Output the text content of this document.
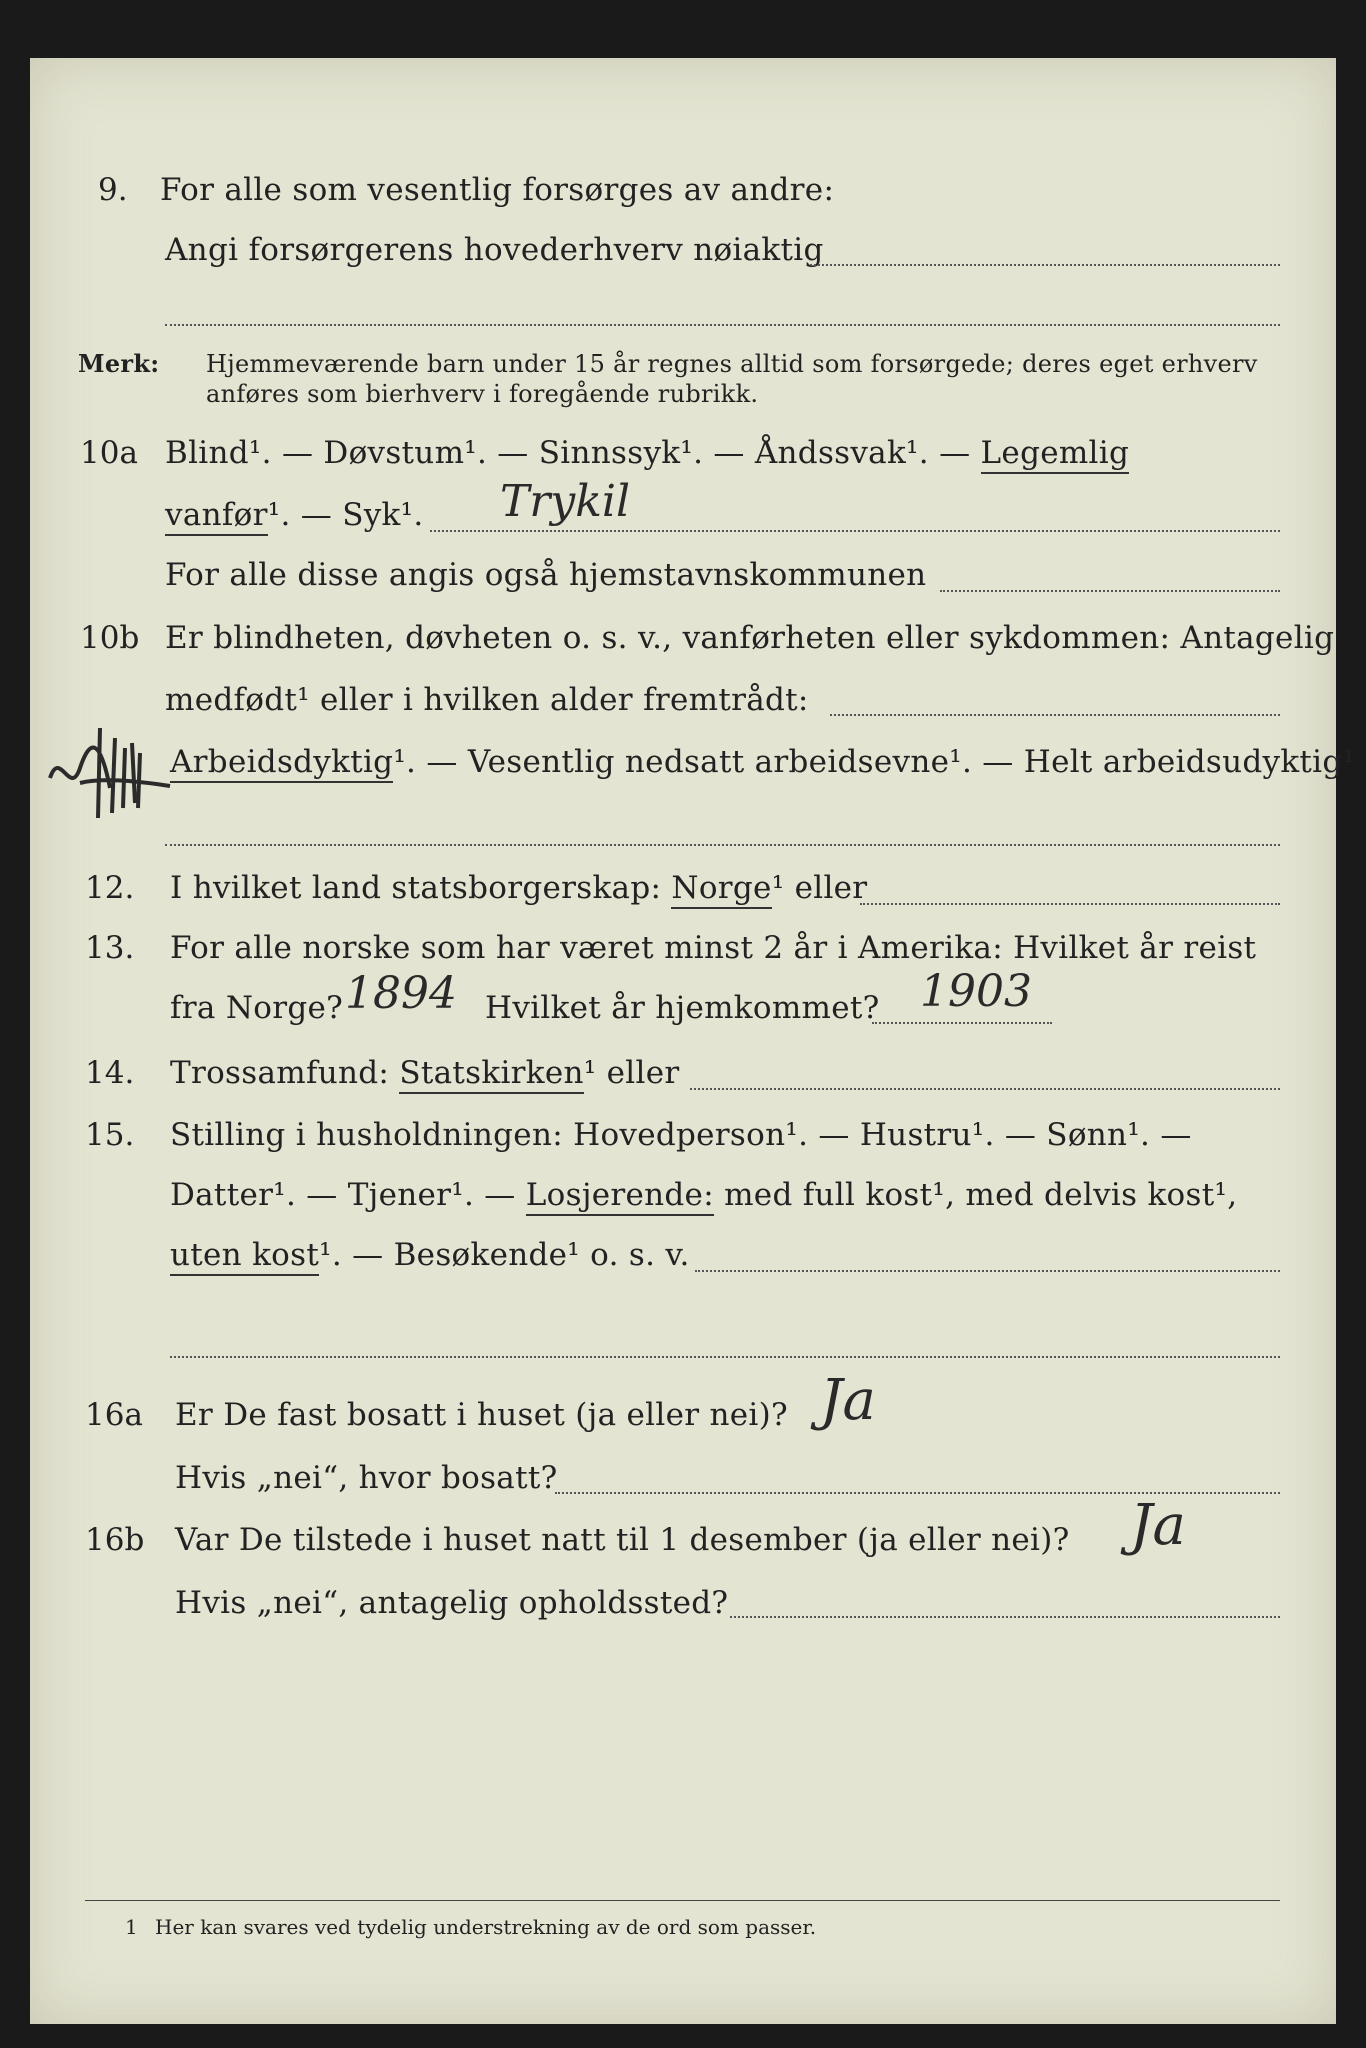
9. For alle som vesentlig forsørges av andre:
Angi forsørgerens hovederhverv nøiaktig
Merk: Hjemmeværende barn under 15 år regnes alltid som forsørgede; deres eget erhverv
anføres som bierhverv i foregående rubrikk.
10a Blind¹. — Døvstum¹. — Sinnssyk¹. — Åndssvak¹. — Legemlig
vanfør¹. — Syk¹. Trykil
For alle disse angis også hjemstavnskommunen
10b Er blindheten, døvheten o. s. v., vanførheten eller sykdommen: Antagelig
medfødt¹ eller i hvilken alder fremtrådt:
Arbeidsdyktig¹. — Vesentlig nedsatt arbeidsevne¹. — Helt arbeidsudyktig¹
12. I hvilket land statsborgerskap: Norge¹ eller
13. For alle norske som har været minst 2 år i Amerika: Hvilket år reist
fra Norge? 1894 Hvilket år hjemkommet? 1903
14. Trossamfund: Statskirken¹ eller
15. Stilling i husholdningen: Hovedperson¹. — Hustru¹. — Sønn¹. —
Datter¹. — Tjener¹. — Losjerende: med full kost¹, med delvis kost¹,
uten kost¹. — Besøkende¹ o. s. v.
16a Er De fast bosatt i huset (ja eller nei)? Ja
Hvis „nei“, hvor bosatt?
16b Var De tilstede i huset natt til 1 desember (ja eller nei)? Ja
Hvis „nei“, antagelig opholdssted?
1 Her kan svares ved tydelig understrekning av de ord som passer.
